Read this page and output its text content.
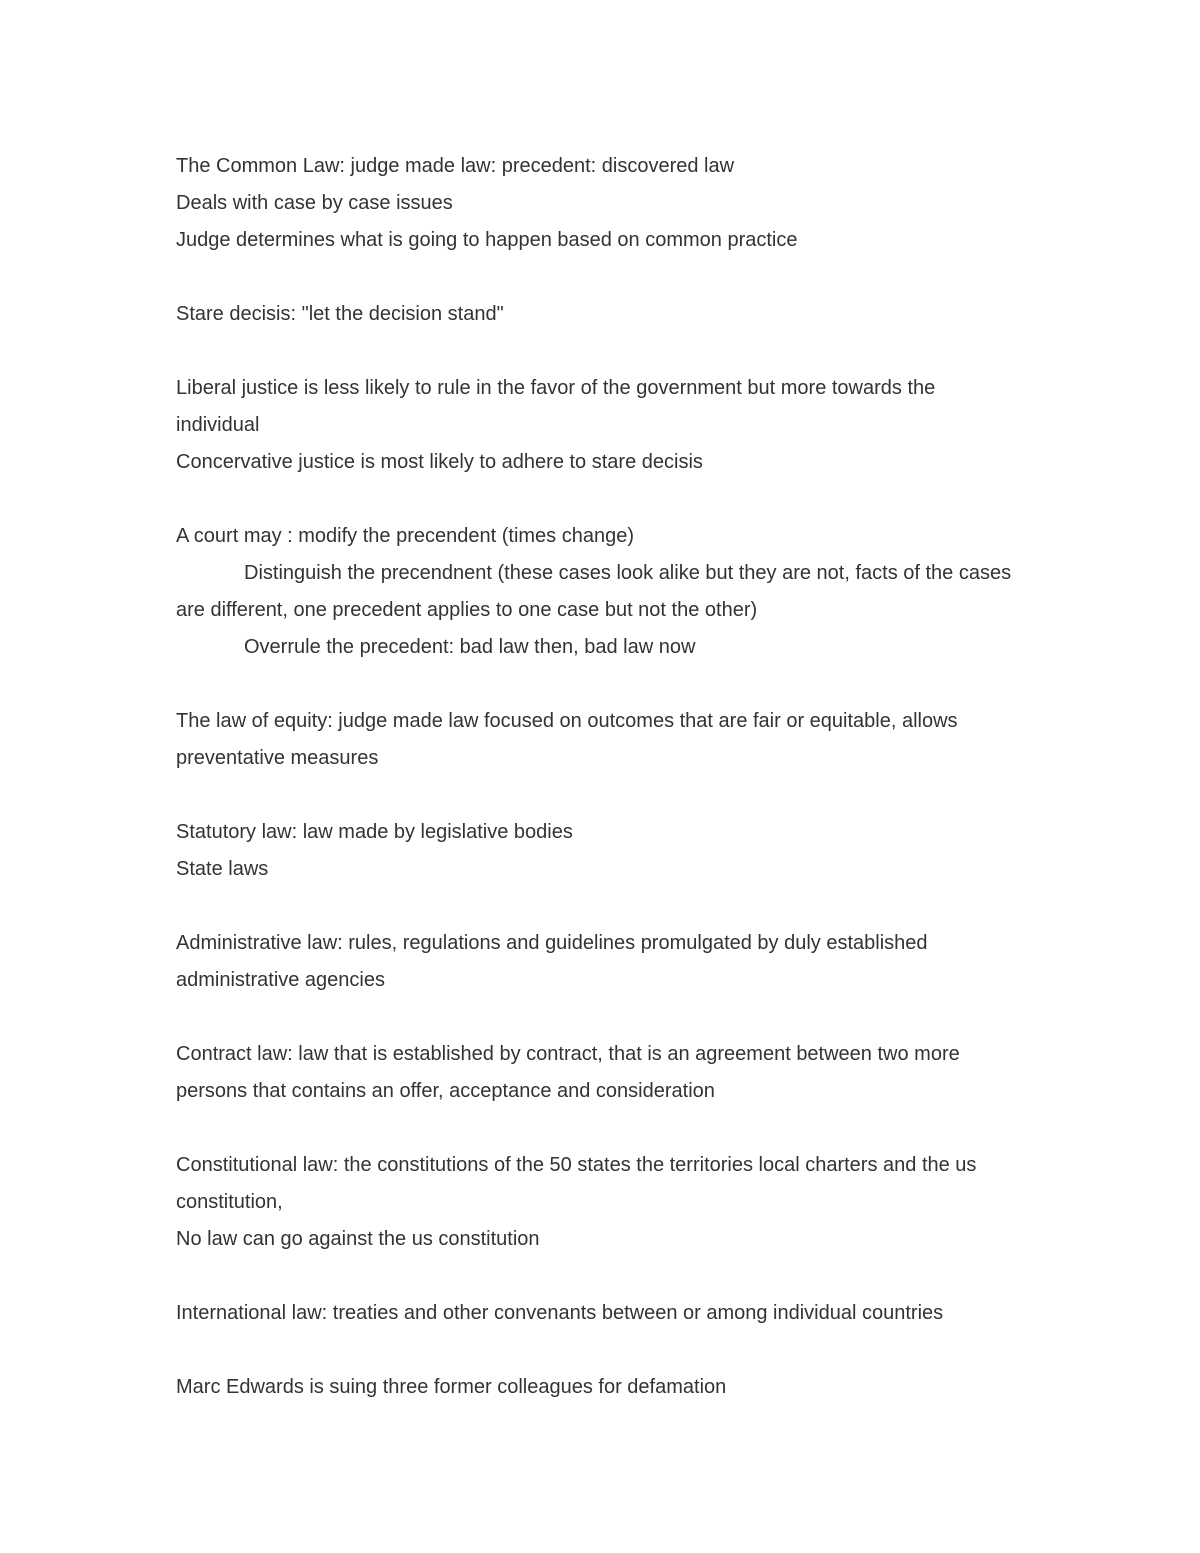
The Common Law: judge made law: precedent: discovered law
Deals with case by case issues
Judge determines what is going to happen based on common practice
Stare decisis: "let the decision stand"
Liberal justice is less likely to rule in the favor of the government but more towards the individual
Concervative justice is most likely to adhere to stare decisis
A court may : modify the precendent (times change)
Distinguish the precendnent (these cases look alike but they are not, facts of the cases are different, one precedent applies to one case but not the other)
Overrule the precedent: bad law then, bad law now
The law of equity: judge made law focused on outcomes that are fair or equitable, allows preventative measures
Statutory law: law made by legislative bodies
State laws
Administrative law: rules, regulations and guidelines promulgated by duly established administrative agencies
Contract law: law that is established by contract, that is an agreement between two more persons that contains an offer, acceptance and consideration
Constitutional law: the constitutions of the 50 states the territories local charters and the us constitution,
No law can go against the us constitution
International law: treaties and other convenants between or among individual countries
Marc Edwards is suing three former colleagues for defamation
